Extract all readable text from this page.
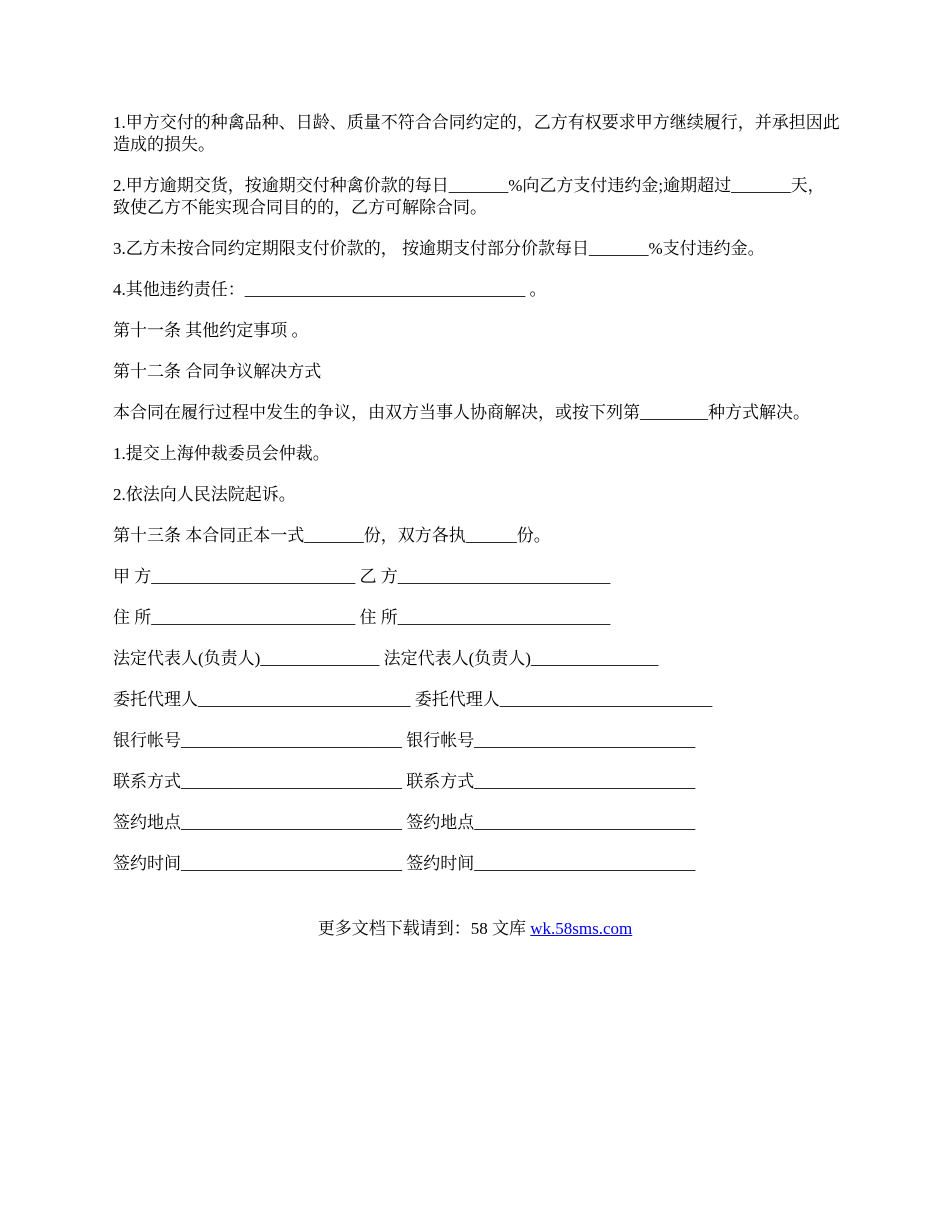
1.甲方交付的种禽品种、日龄、质量不符合合同约定的，乙方有权要求甲方继续履行，并承担因此造成的损失。

2.甲方逾期交货，按逾期交付种禽价款的每日_______%向乙方支付违约金;逾期超过_______天，致使乙方不能实现合同目的的，乙方可解除合同。

3.乙方未按合同约定期限支付价款的， 按逾期支付部分价款每日_______%支付违约金。

4.其他违约责任：_________________________________ 。

第十一条 其他约定事项 。

第十二条 合同争议解决方式

本合同在履行过程中发生的争议，由双方当事人协商解决，或按下列第________种方式解决。

1.提交上海仲裁委员会仲裁。

2.依法向人民法院起诉。

第十三条 本合同正本一式_______份，双方各执______份。

甲 方________________________ 乙 方_________________________
住 所________________________ 住 所_________________________
法定代表人(负责人)______________ 法定代表人(负责人)_______________
委托代理人_________________________ 委托代理人_________________________
银行帐号__________________________ 银行帐号__________________________
联系方式__________________________ 联系方式__________________________
签约地点__________________________ 签约地点__________________________
签约时间__________________________ 签约时间__________________________
更多文档下载请到：58 文库 wk.58sms.com
